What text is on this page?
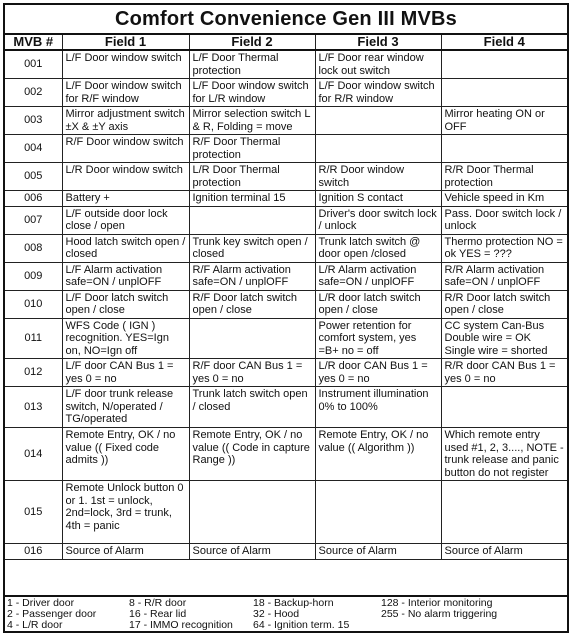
Comfort Convenience Gen III MVBs
MVB #	Field 1	Field 2	Field 3	Field 4
001	L/F Door window switch	L/F Door Thermal protection	L/F Door rear window lock out switch	
002	L/F Door window switch for R/F window	L/F Door window switch for L/R window	L/F Door window switch for R/R window	
003	Mirror adjustment switch ±X & ±Y axis	Mirror selection switch L & R, Folding = move		Mirror heating ON or OFF
004	R/F Door window switch	R/F Door Thermal protection		
005	L/R Door window switch	L/R Door Thermal protection	R/R Door window switch	R/R Door Thermal protection
006	Battery +	Ignition terminal 15	Ignition S contact	Vehicle speed in Km
007	L/F outside door lock close / open		Driver's door switch lock / unlock	Pass. Door switch lock / unlock
008	Hood latch switch open / closed	Trunk key switch open / closed	Trunk latch switch @ door open /closed	Thermo protection NO = ok YES = ???
009	L/F Alarm activation safe=ON / unplOFF	R/F Alarm activation safe=ON / unplOFF	L/R Alarm activation safe=ON / unplOFF	R/R Alarm activation safe=ON / unplOFF
010	L/F Door latch switch open / close	R/F Door latch switch open / close	L/R door latch switch open / close	R/R Door latch switch open / close
011	WFS Code ( IGN ) recognition. YES=Ign on, NO=Ign off		Power retention for comfort system, yes =B+ no = off	CC system Can-Bus Double wire = OK Single wire = shorted
012	L/F door CAN Bus 1 = yes 0 = no	R/F door CAN Bus 1 = yes 0 = no	L/R door CAN Bus 1 = yes 0 = no	R/R door CAN Bus 1 = yes 0 = no
013	L/F door trunk release switch, N/operated / TG/operated	Trunk latch switch open / closed	Instrument illumination 0% to 100%	
014	Remote Entry, OK / no value (( Fixed code admits ))	Remote Entry, OK / no value (( Code in capture Range ))	Remote Entry, OK / no value (( Algorithm ))	Which remote entry used #1, 2, 3...., NOTE - trunk release and panic button do not register
015	Remote Unlock button 0 or 1. 1st = unlock, 2nd=lock, 3rd = trunk, 4th = panic			
016	Source of Alarm	Source of Alarm	Source of Alarm	Source of Alarm
1 - Driver door	8 - R/R door	18 - Backup-horn	128 - Interior monitoring
2 - Passenger door	16 - Rear lid	32 - Hood	255 - No alarm triggering
4 - L/R door	17 - IMMO recognition 64 - Ignition term. 15
